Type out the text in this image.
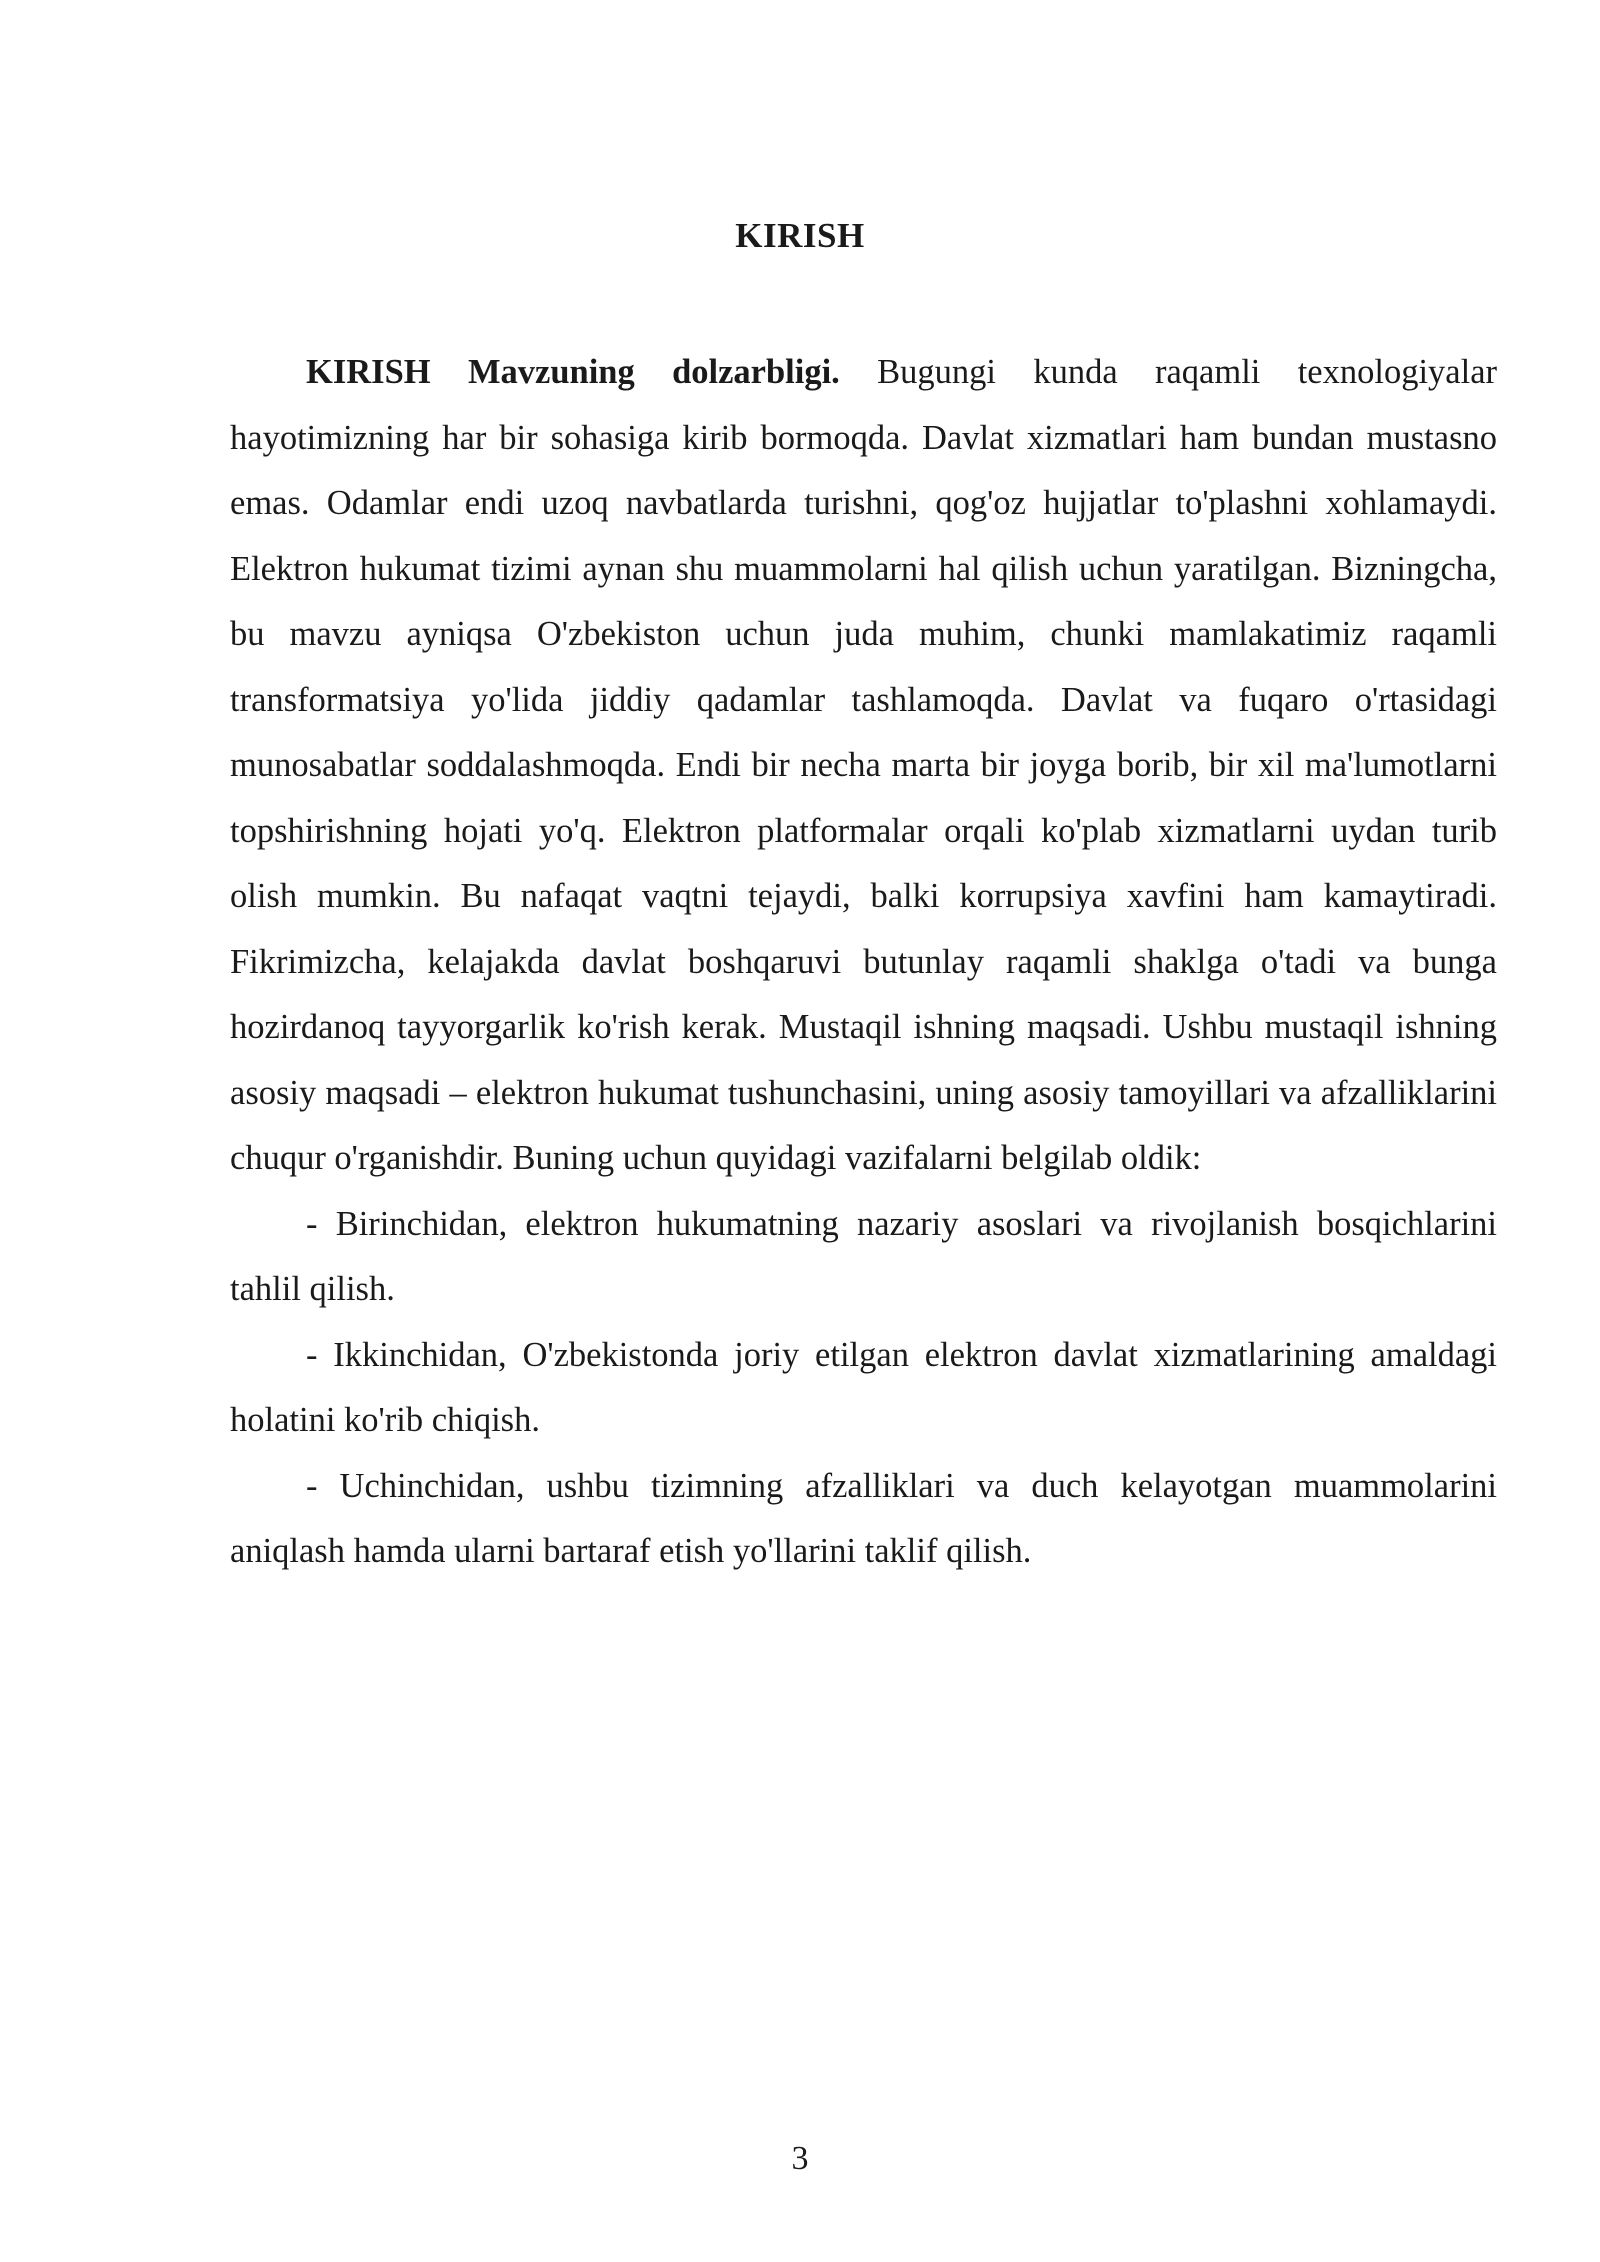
KIRISH

KIRISH Mavzuning dolzarbligi. Bugungi kunda raqamli texnologiyalar hayotimizning har bir sohasiga kirib bormoqda. Davlat xizmatlari ham bundan mustasno emas. Odamlar endi uzoq navbatlarda turishni, qog'oz hujjatlar to'plashni xohlamaydi. Elektron hukumat tizimi aynan shu muammolarni hal qilish uchun yaratilgan. Bizningcha, bu mavzu ayniqsa O'zbekiston uchun juda muhim, chunki mamlakatimiz raqamli transformatsiya yo'lida jiddiy qadamlar tashlamoqda. Davlat va fuqaro o'rtasidagi munosabatlar soddalashmoqda. Endi bir necha marta bir joyga borib, bir xil ma'lumotlarni topshirishning hojati yo'q. Elektron platformalar orqali ko'plab xizmatlarni uydan turib olish mumkin. Bu nafaqat vaqtni tejaydi, balki korrupsiya xavfini ham kamaytiradi. Fikrimizcha, kelajakda davlat boshqaruvi butunlay raqamli shaklga o'tadi va bunga hozirdanoq tayyorgarlik ko'rish kerak. Mustaqil ishning maqsadi. Ushbu mustaqil ishning asosiy maqsadi – elektron hukumat tushunchasini, uning asosiy tamoyillari va afzalliklarini chuqur o'rganishdir. Buning uchun quyidagi vazifalarni belgilab oldik:

- Birinchidan, elektron hukumatning nazariy asoslari va rivojlanish bosqichlarini tahlil qilish.

- Ikkinchidan, O'zbekistonda joriy etilgan elektron davlat xizmatlarining amaldagi holatini ko'rib chiqish.

- Uchinchidan, ushbu tizimning afzalliklari va duch kelayotgan muammolarini aniqlash hamda ularni bartaraf etish yo'llarini taklif qilish.

3
